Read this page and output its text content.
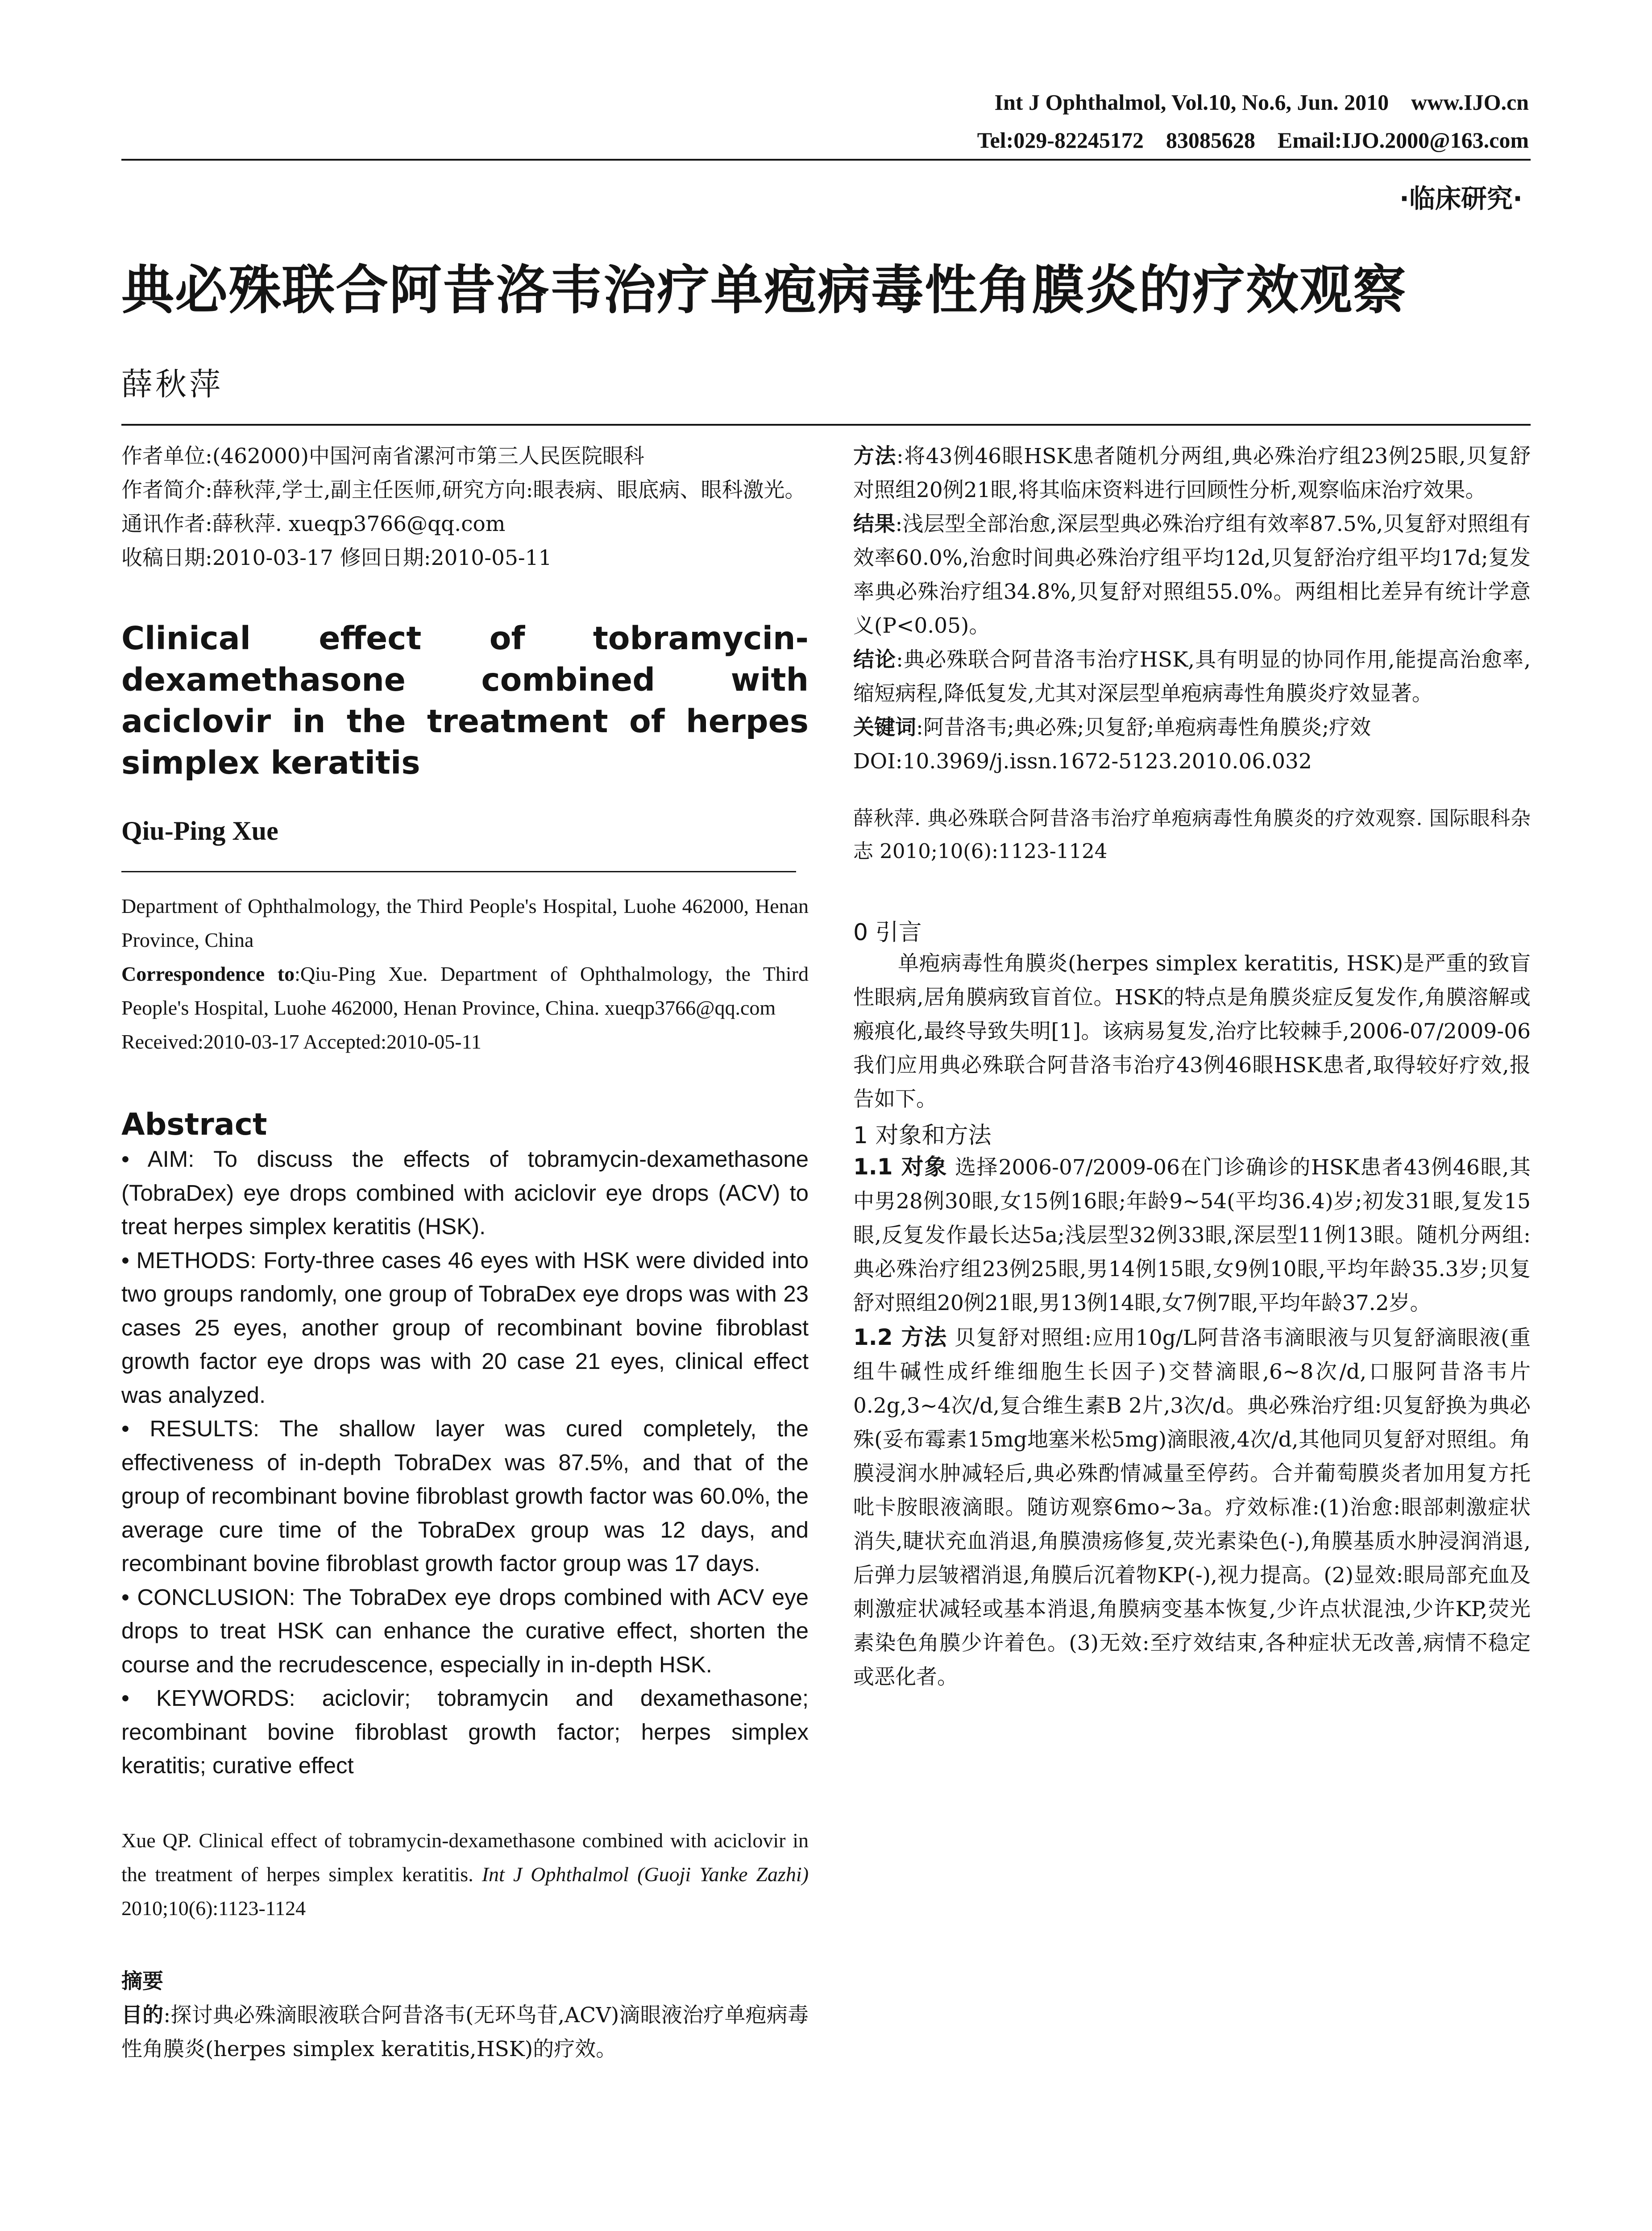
Int J Ophthalmol, Vol.10, No.6, Jun. 2010    www.IJO.cn
Tel:029-82245172    83085628    Email:IJO.2000@163.com
·临床研究·
典必殊联合阿昔洛韦治疗单疱病毒性角膜炎的疗效观察
薛秋萍

作者单位:(462000)中国河南省漯河市第三人民医院眼科

作者简介:薛秋萍,学士,副主任医师,研究方向:眼表病、眼底病、眼科激光。

通讯作者:薛秋萍. xueqp3766@qq.com

收稿日期:2010-03-17 修回日期:2010-05-11

Clinical effect of tobramycin-dexamethasone combined with aciclovir in the treatment of herpes simplex keratitis

Qiu-Ping Xue

Department of Ophthalmology, the Third People's Hospital, Luohe 462000, Henan Province, China

Correspondence to:Qiu-Ping Xue. Department of Ophthalmology, the Third People's Hospital, Luohe 462000, Henan Province, China. xueqp3766@qq.com

Received:2010-03-17 Accepted:2010-05-11

Abstract

• AIM: To discuss the effects of tobramycin-dexamethasone (TobraDex) eye drops combined with aciclovir eye drops (ACV) to treat herpes simplex keratitis (HSK).

• METHODS: Forty-three cases 46 eyes with HSK were divided into two groups randomly, one group of TobraDex eye drops was with 23 cases 25 eyes, another group of recombinant bovine fibroblast growth factor eye drops was with 20 case 21 eyes, clinical effect was analyzed.

• RESULTS: The shallow layer was cured completely, the effectiveness of in-depth TobraDex was 87.5%, and that of the group of recombinant bovine fibroblast growth factor was 60.0%, the average cure time of the TobraDex group was 12 days, and recombinant bovine fibroblast growth factor group was 17 days.

• CONCLUSION: The TobraDex eye drops combined with ACV eye drops to treat HSK can enhance the curative effect, shorten the course and the recrudescence, especially in in-depth HSK.

• KEYWORDS: aciclovir; tobramycin and dexamethasone; recombinant bovine fibroblast growth factor; herpes simplex keratitis; curative effect

Xue QP. Clinical effect of tobramycin-dexamethasone combined with aciclovir in the treatment of herpes simplex keratitis. Int J Ophthalmol (Guoji Yanke Zazhi) 2010;10(6):1123-1124

摘要

目的:探讨典必殊滴眼液联合阿昔洛韦(无环鸟苷,ACV)滴眼液治疗单疱病毒性角膜炎(herpes simplex keratitis,HSK)的疗效。

方法:将43例46眼HSK患者随机分两组,典必殊治疗组23例25眼,贝复舒对照组20例21眼,将其临床资料进行回顾性分析,观察临床治疗效果。

结果:浅层型全部治愈,深层型典必殊治疗组有效率87.5%,贝复舒对照组有效率60.0%,治愈时间典必殊治疗组平均12d,贝复舒治疗组平均17d;复发率典必殊治疗组34.8%,贝复舒对照组55.0%。两组相比差异有统计学意义(P<0.05)。

结论:典必殊联合阿昔洛韦治疗HSK,具有明显的协同作用,能提高治愈率,缩短病程,降低复发,尤其对深层型单疱病毒性角膜炎疗效显著。

关键词:阿昔洛韦;典必殊;贝复舒;单疱病毒性角膜炎;疗效

DOI:10.3969/j.issn.1672-5123.2010.06.032

薛秋萍. 典必殊联合阿昔洛韦治疗单疱病毒性角膜炎的疗效观察. 国际眼科杂志 2010;10(6):1123-1124

0 引言

单疱病毒性角膜炎(herpes simplex keratitis, HSK)是严重的致盲性眼病,居角膜病致盲首位。HSK的特点是角膜炎症反复发作,角膜溶解或瘢痕化,最终导致失明[1]。该病易复发,治疗比较棘手,2006-07/2009-06我们应用典必殊联合阿昔洛韦治疗43例46眼HSK患者,取得较好疗效,报告如下。

1 对象和方法

1.1 对象 选择2006-07/2009-06在门诊确诊的HSK患者43例46眼,其中男28例30眼,女15例16眼;年龄9~54(平均36.4)岁;初发31眼,复发15眼,反复发作最长达5a;浅层型32例33眼,深层型11例13眼。随机分两组:典必殊治疗组23例25眼,男14例15眼,女9例10眼,平均年龄35.3岁;贝复舒对照组20例21眼,男13例14眼,女7例7眼,平均年龄37.2岁。

1.2 方法 贝复舒对照组:应用10g/L阿昔洛韦滴眼液与贝复舒滴眼液(重组牛碱性成纤维细胞生长因子)交替滴眼,6~8次/d,口服阿昔洛韦片0.2g,3~4次/d,复合维生素B 2片,3次/d。典必殊治疗组:贝复舒换为典必殊(妥布霉素15mg地塞米松5mg)滴眼液,4次/d,其他同贝复舒对照组。角膜浸润水肿减轻后,典必殊酌情减量至停药。合并葡萄膜炎者加用复方托吡卡胺眼液滴眼。随访观察6mo~3a。疗效标准:(1)治愈:眼部刺激症状消失,睫状充血消退,角膜溃疡修复,荧光素染色(-),角膜基质水肿浸润消退,后弹力层皱褶消退,角膜后沉着物KP(-),视力提高。(2)显效:眼局部充血及刺激症状减轻或基本消退,角膜病变基本恢复,少许点状混浊,少许KP,荧光素染色角膜少许着色。(3)无效:至疗效结束,各种症状无改善,病情不稳定或恶化者。
